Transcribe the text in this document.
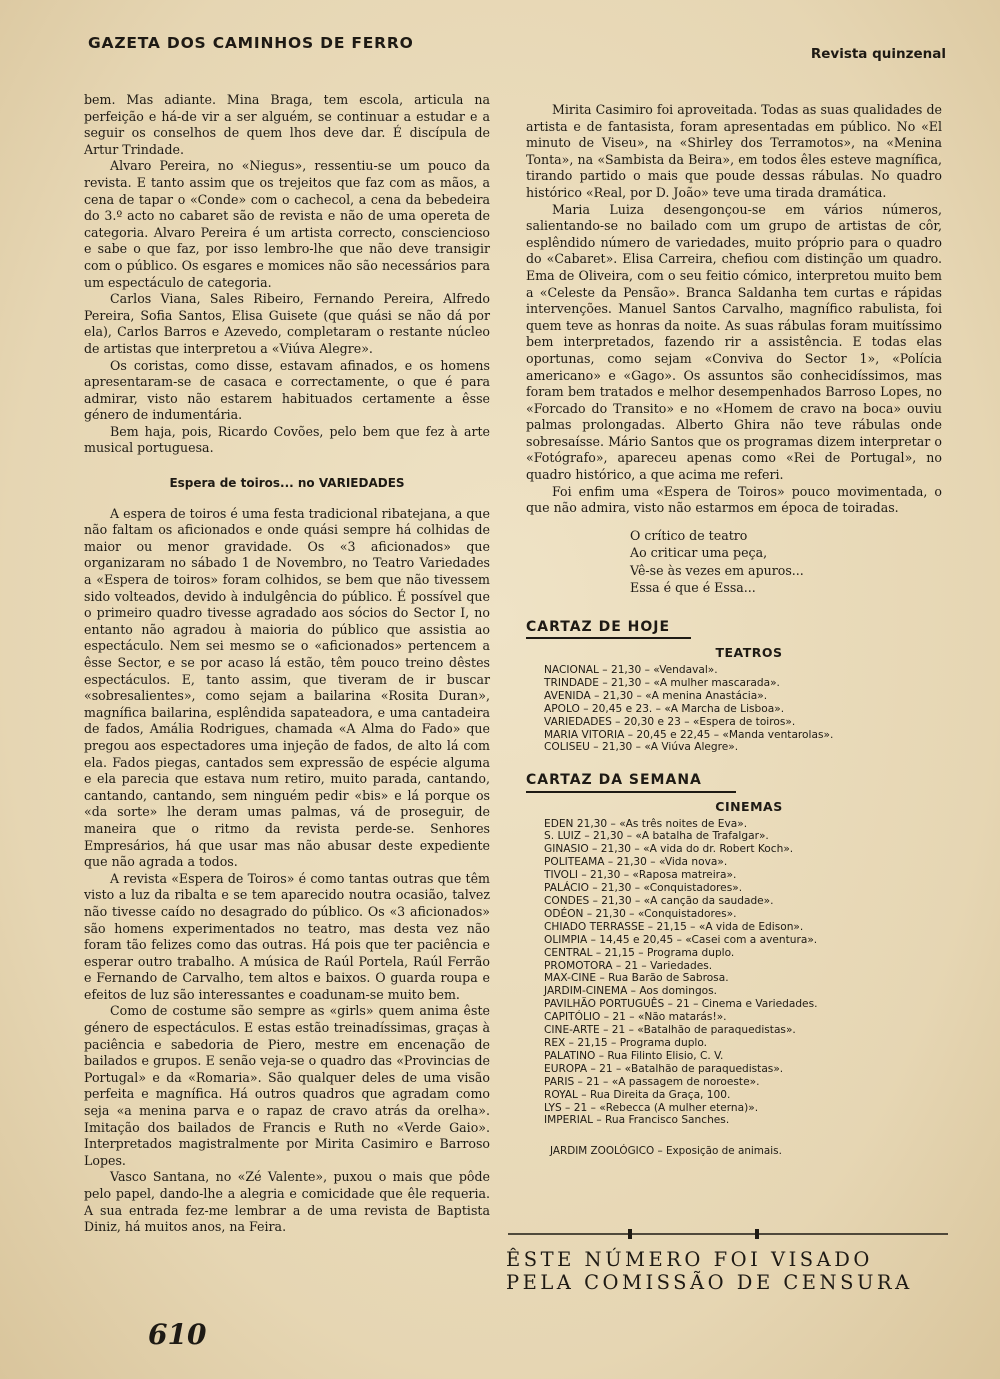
GAZETA DOS CAMINHOS DE FERRO
Revista quinzenal

bem. Mas adiante. Mina Braga, tem escola, articula na perfeição e há-de vir a ser alguém, se continuar a estudar e a seguir os conselhos de quem lhos deve dar. É discípula de Artur Trindade.

Alvaro Pereira, no «Niegus», ressentiu-se um pouco da revista. E tanto assim que os trejeitos que faz com as mãos, a cena de tapar o «Conde» com o cachecol, a cena da bebedeira do 3.º acto no cabaret são de revista e não de uma opereta de categoria. Alvaro Pereira é um artista correcto, consciencioso e sabe o que faz, por isso lembro-lhe que não deve transigir com o público. Os esgares e momices não são necessários para um espectáculo de categoria.

Carlos Viana, Sales Ribeiro, Fernando Pereira, Alfredo Pereira, Sofia Santos, Elisa Guisete (que quási se não dá por ela), Carlos Barros e Azevedo, completaram o restante núcleo de artistas que interpretou a «Viúva Alegre».

Os coristas, como disse, estavam afinados, e os homens apresentaram-se de casaca e correctamente, o que é para admirar, visto não estarem habituados certamente a êsse género de indumentária.

Bem haja, pois, Ricardo Covões, pelo bem que fez à arte musical portuguesa.

Espera de toiros... no VARIEDADES

A espera de toiros é uma festa tradicional ribatejana, a que não faltam os aficionados e onde quási sempre há colhidas de maior ou menor gravidade. Os «3 aficionados» que organizaram no sábado 1 de Novembro, no Teatro Variedades a «Espera de toiros» foram colhidos, se bem que não tivessem sido volteados, devido à indulgência do público. É possível que o primeiro quadro tivesse agradado aos sócios do Sector I, no entanto não agradou à maioria do público que assistia ao espectáculo. Nem sei mesmo se o «aficionados» pertencem a êsse Sector, e se por acaso lá estão, têm pouco treino dêstes espectáculos. E, tanto assim, que tiveram de ir buscar «sobresalientes», como sejam a bailarina «Rosita Duran», magnífica bailarina, esplêndida sapateadora, e uma cantadeira de fados, Amália Rodrigues, chamada «A Alma do Fado» que pregou aos espectadores uma injeção de fados, de alto lá com ela. Fados piegas, cantados sem expressão de espécie alguma e ela parecia que estava num retiro, muito parada, cantando, cantando, cantando, sem ninguém pedir «bis» e lá porque os «da sorte» lhe deram umas palmas, vá de proseguir, de maneira que o ritmo da revista perde-se. Senhores Empresários, há que usar mas não abusar deste expediente que não agrada a todos.

A revista «Espera de Toiros» é como tantas outras que têm visto a luz da ribalta e se tem aparecido noutra ocasião, talvez não tivesse caído no desagrado do público. Os «3 aficionados» são homens experimentados no teatro, mas desta vez não foram tão felizes como das outras. Há pois que ter paciência e esperar outro trabalho. A música de Raúl Portela, Raúl Ferrão e Fernando de Carvalho, tem altos e baixos. O guarda roupa e efeitos de luz são interessantes e coadunam-se muito bem.

Como de costume são sempre as «girls» quem anima êste género de espectáculos. E estas estão treinadíssimas, graças à paciência e sabedoria de Piero, mestre em encenação de bailados e grupos. E senão veja-se o quadro das «Provincias de Portugal» e da «Romaria». São qualquer deles de uma visão perfeita e magnífica. Há outros quadros que agradam como seja «a menina parva e o rapaz de cravo atrás da orelha». Imitação dos bailados de Francis e Ruth no «Verde Gaio». Interpretados magistralmente por Mirita Casimiro e Barroso Lopes.

Vasco Santana, no «Zé Valente», puxou o mais que pôde pelo papel, dando-lhe a alegria e comicidade que êle requeria. A sua entrada fez-me lembrar a de uma revista de Baptista Diniz, há muitos anos, na Feira.

Mirita Casimiro foi aproveitada. Todas as suas qualidades de artista e de fantasista, foram apresentadas em público. No «El minuto de Viseu», na «Shirley dos Terramotos», na «Menina Tonta», na «Sambista da Beira», em todos êles esteve magnífica, tirando partido o mais que poude dessas rábulas. No quadro histórico «Real, por D. João» teve uma tirada dramática.

Maria Luiza desengonçou-se em vários números, salientando-se no bailado com um grupo de artistas de côr, esplêndido número de variedades, muito próprio para o quadro do «Cabaret». Elisa Carreira, chefiou com distinção um quadro. Ema de Oliveira, com o seu feitio cómico, interpretou muito bem a «Celeste da Pensão». Branca Saldanha tem curtas e rápidas intervenções. Manuel Santos Carvalho, magnífico rabulista, foi quem teve as honras da noite. As suas rábulas foram muitíssimo bem interpretados, fazendo rir a assistência. E todas elas oportunas, como sejam «Conviva do Sector 1», «Polícia americano» e «Gago». Os assuntos são conhecidíssimos, mas foram bem tratados e melhor desempenhados Barroso Lopes, no «Forcado do Transito» e no «Homem de cravo na boca» ouviu palmas prolongadas. Alberto Ghira não teve rábulas onde sobresaísse. Mário Santos que os programas dizem interpretar o «Fotógrafo», apareceu apenas como «Rei de Portugal», no quadro histórico, a que acima me referi.

Foi enfim uma «Espera de Toiros» pouco movimentada, o que não admira, visto não estarmos em época de toiradas.

O crítico de teatro
Ao criticar uma peça,
Vê-se às vezes em apuros...
Essa é que é Essa...
CARTAZ DE HOJE
TEATROS
NACIONAL – 21,30 – «Vendaval».
TRINDADE – 21,30 – «A mulher mascarada».
AVENIDA – 21,30 – «A menina Anastácia».
APOLO – 20,45 e 23. – «A Marcha de Lisboa».
VARIEDADES – 20,30 e 23 – «Espera de toiros».
MARIA VITORIA – 20,45 e 22,45 – «Manda ventarolas».
COLISEU – 21,30 – «A Viúva Alegre».
CARTAZ DA SEMANA
CINEMAS
EDEN 21,30 – «As três noites de Eva».
S. LUIZ – 21,30 – «A batalha de Trafalgar».
GINASIO – 21,30 – «A vida do dr. Robert Koch».
POLITEAMA – 21,30 – «Vida nova».
TIVOLI – 21,30 – «Raposa matreira».
PALÁCIO – 21,30 – «Conquistadores».
CONDES – 21,30 – «A canção da saudade».
ODÉON – 21,30 – «Conquistadores».
CHIADO TERRASSE – 21,15 – «A vida de Edison».
OLIMPIA – 14,45 e 20,45 – «Casei com a aventura».
CENTRAL – 21,15 – Programa duplo.
PROMOTORA – 21 – Variedades.
MAX-CINE – Rua Barão de Sabrosa.
JARDIM-CINEMA – Aos domingos.
PAVILHÃO PORTUGUÊS – 21 – Cinema e Variedades.
CAPITÓLIO – 21 – «Não matarás!».
CINE-ARTE – 21 – «Batalhão de paraquedistas».
REX – 21,15 – Programa duplo.
PALATINO – Rua Filinto Elisio, C. V.
EUROPA – 21 – «Batalhão de paraquedistas».
PARIS – 21 – «A passagem de noroeste».
ROYAL – Rua Direita da Graça, 100.
LYS – 21 – «Rebecca (A mulher eterna)».
IMPERIAL – Rua Francisco Sanches.
JARDIM ZOOLÓGICO – Exposição de animais.
ÊSTE NÚMERO FOI VISADO
PELA COMISSÃO DE CENSURA
610
